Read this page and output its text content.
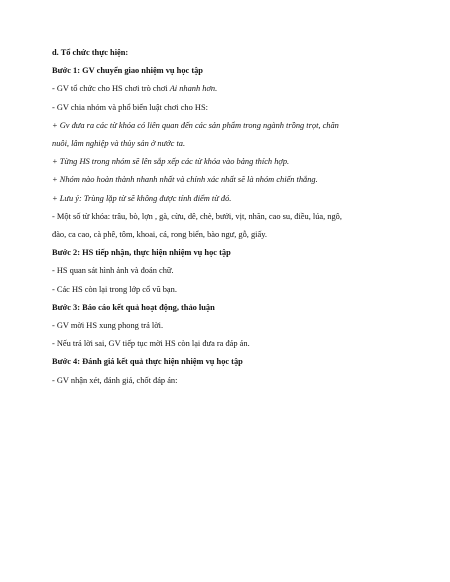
d. Tổ chức thực hiện:
Bước 1: GV chuyển giao nhiệm vụ học tập
- GV tổ chức cho HS chơi trò chơi Ai nhanh hơn.
- GV chia nhóm và phổ biến luật chơi cho HS:
+ Gv đưa ra các từ khóa có liên quan đến các sản phẩm trong ngành trồng trọt, chăn
nuôi, lâm nghiệp và thủy sản ở nước ta.
+ Từng HS trong nhóm sẽ lên sắp xếp các từ khóa vào bảng thích hợp.
+ Nhóm nào hoàn thành nhanh nhất và chính xác nhất sẽ là nhóm chiến thắng.
+ Lưu ý: Trùng lặp từ sẽ không được tính điểm từ đó.
- Một số từ khóa: trâu, bò, lợn , gà, cừu, dê, chè, bưởi, vịt, nhãn, cao su, điều, lúa, ngô,
đào, ca cao, cà phê, tôm, khoai, cá, rong biển, bào ngư, gỗ, giấy.
Bước 2: HS tiếp nhận, thực hiện nhiệm vụ học tập
- HS quan sát hình ảnh và đoán chữ.
- Các HS còn lại trong lớp cổ vũ bạn.
Bước 3: Báo cáo kết quả hoạt động, thảo luận
- GV mời HS xung phong trả lời.
- Nếu trả lời sai, GV tiếp tục mời HS còn lại đưa ra đáp án.
Bước 4: Đánh giá kết quả thực hiện nhiệm vụ học tập
- GV nhận xét, đánh giá, chốt đáp án:
